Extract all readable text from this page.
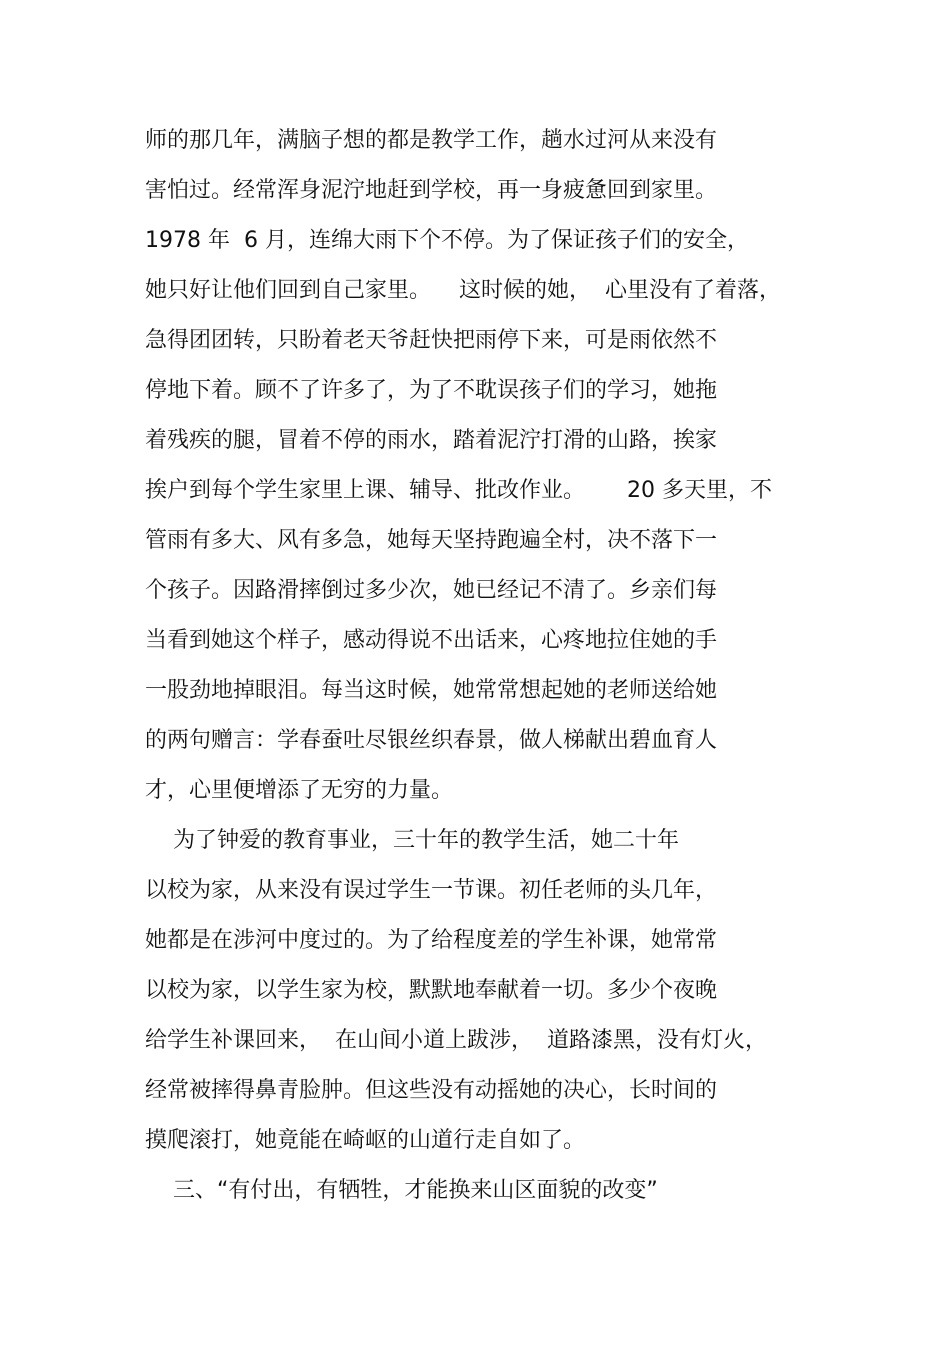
师的那几年，满脑子想的都是教学工作，趟水过河从来没有
害怕过。经常浑身泥泞地赶到学校，再一身疲惫回到家里。
1978 年  6 月，连绵大雨下个不停。为了保证孩子们的安全，
她只好让他们回到自己家里。    这时候的她，  心里没有了着落，
急得团团转，只盼着老天爷赶快把雨停下来，可是雨依然不
停地下着。顾不了许多了，为了不耽误孩子们的学习，她拖
着残疾的腿，冒着不停的雨水，踏着泥泞打滑的山路，挨家
挨户到每个学生家里上课、辅导、批改作业。      20 多天里，不
管雨有多大、风有多急，她每天坚持跑遍全村，决不落下一
个孩子。因路滑摔倒过多少次，她已经记不清了。乡亲们每
当看到她这个样子，感动得说不出话来，心疼地拉住她的手
一股劲地掉眼泪。每当这时候，她常常想起她的老师送给她
的两句赠言：学春蚕吐尽银丝织春景，做人梯献出碧血育人
才，心里便增添了无穷的力量。
为了钟爱的教育事业，三十年的教学生活，她二十年
以校为家，从来没有误过学生一节课。初任老师的头几年，
她都是在涉河中度过的。为了给程度差的学生补课，她常常
以校为家，以学生家为校，默默地奉献着一切。多少个夜晚
给学生补课回来，  在山间小道上跋涉，  道路漆黑，没有灯火，
经常被摔得鼻青脸肿。但这些没有动摇她的决心，长时间的
摸爬滚打，她竟能在崎岖的山道行走自如了。
三、“有付出，有牺牲，才能换来山区面貌的改变”
